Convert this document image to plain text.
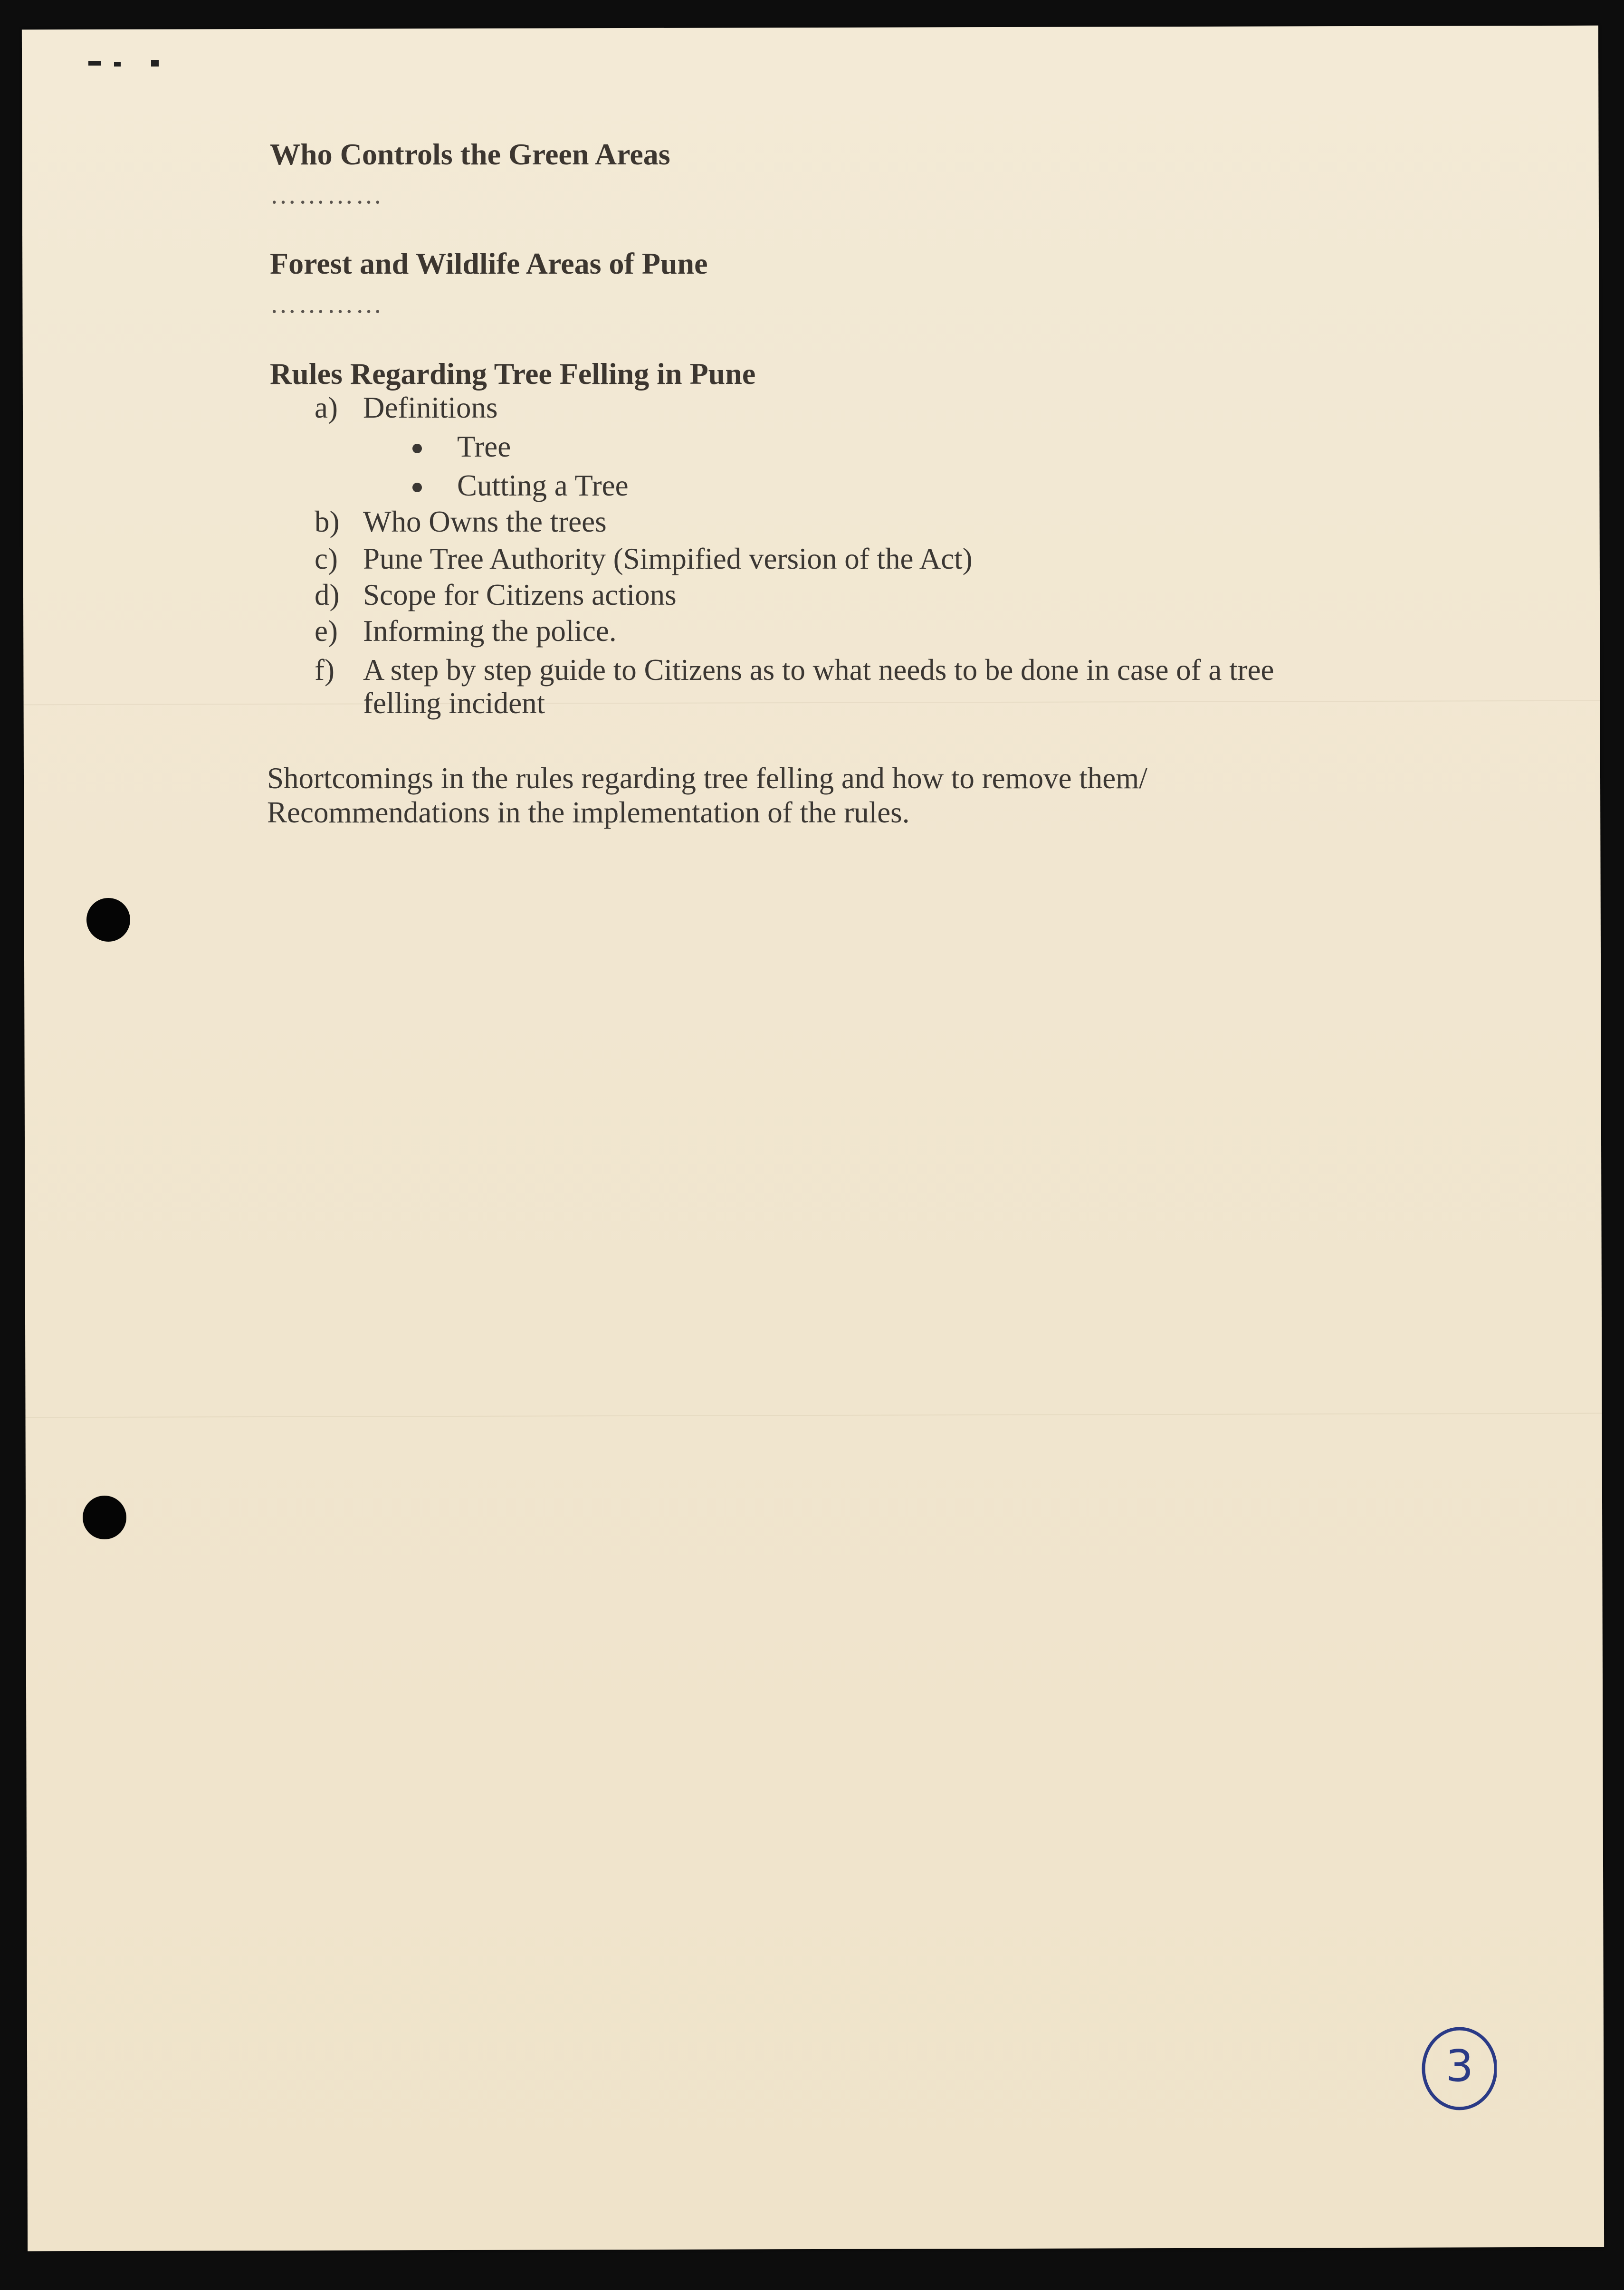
Who Controls the Green Areas
…………
Forest and Wildlife Areas of Pune
…………
Rules Regarding Tree Felling in Pune
a) Definitions
Tree
Cutting a Tree
b) Who Owns the trees
c) Pune Tree Authority (Simpified version of the Act)
d) Scope for Citizens actions
e) Informing the police.
f) A step by step guide to Citizens as to what needs to be done in case of a tree
felling incident
Shortcomings in the rules regarding tree felling and how to remove them/
Recommendations in the implementation of the rules.
3
